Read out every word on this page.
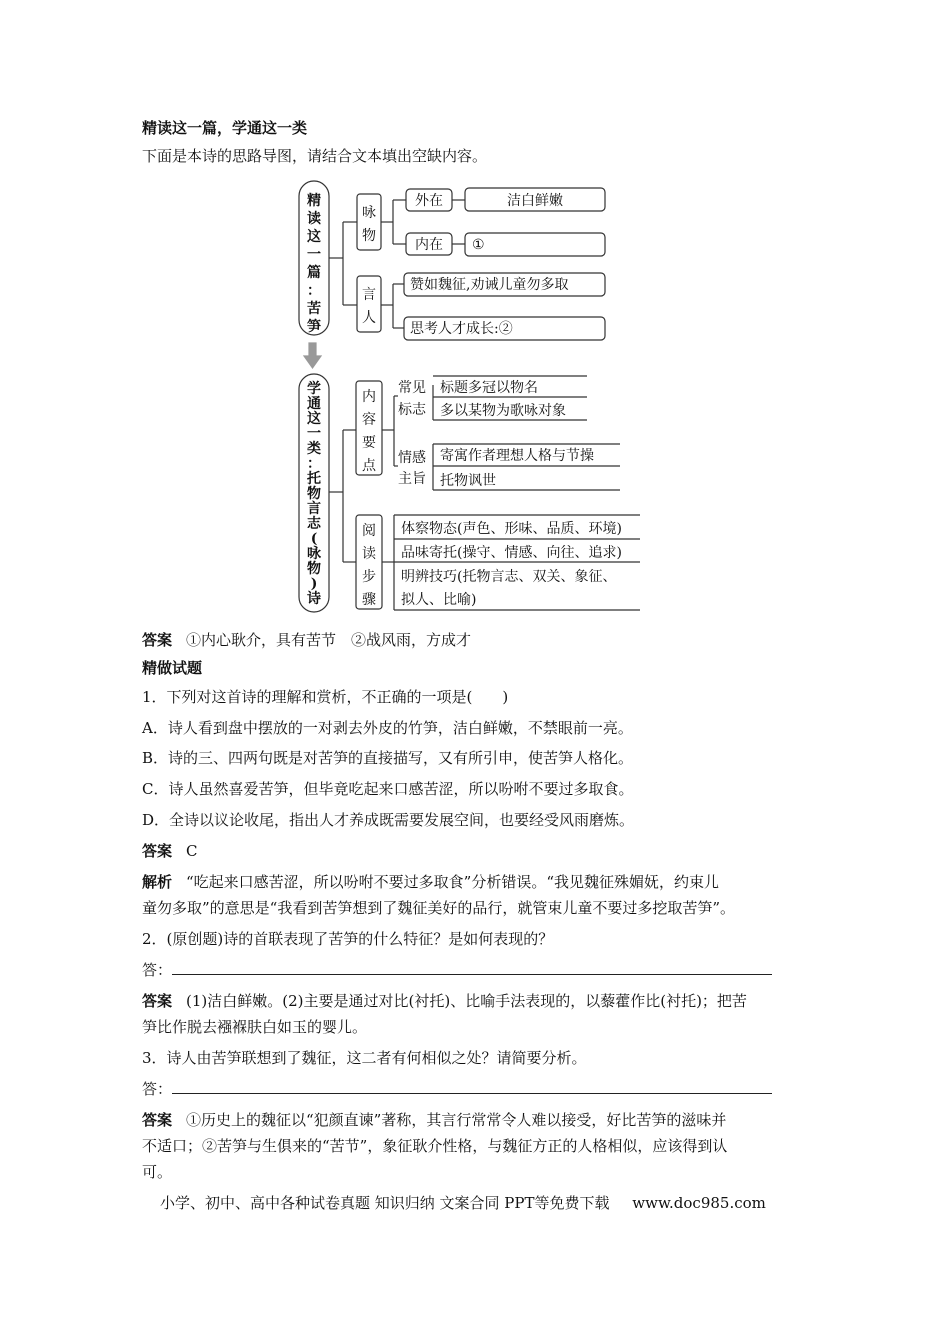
精读这一篇，学通这一类
下面是本诗的思路导图，请结合文本填出空缺内容。
精
读
这
一
篇
：
苦
笋
学
通
这
一
类
：
托
物
言
志
(
咏
物
)
诗
咏
物
言
人
内
容
要
点
阅
读
步
骤
外在
内在
洁白鲜嫩
①
赞如魏征,劝诫儿童勿多取
思考人才成长:②
常见
标志
标题多冠以物名
多以某物为歌咏对象
情感
主旨
寄寓作者理想人格与节操
托物讽世
体察物态(声色、形味、品质、环境)
品味寄托(操守、情感、向往、追求)
明辨技巧(托物言志、双关、象征、
拟人、比喻)
答案 ①内心耿介，具有苦节　②战风雨，方成才
精做试题
1．下列对这首诗的理解和赏析，不正确的一项是(　　)
A．诗人看到盘中摆放的一对剥去外皮的竹笋，洁白鲜嫩，不禁眼前一亮。
B．诗的三、四两句既是对苦笋的直接描写，又有所引申，使苦笋人格化。
C．诗人虽然喜爱苦笋，但毕竟吃起来口感苦涩，所以吩咐不要过多取食。
D．全诗以议论收尾，指出人才养成既需要发展空间，也要经受风雨磨炼。
答案 C
解析 “吃起来口感苦涩，所以吩咐不要过多取食”分析错误。“我见魏征殊媚妩，约束儿
童勿多取”的意思是“我看到苦笋想到了魏征美好的品行，就管束儿童不要过多挖取苦笋”。
2．(原创题)诗的首联表现了苦笋的什么特征？是如何表现的？
答：
答案 (1)洁白鲜嫩。(2)主要是通过对比(衬托)、比喻手法表现的，以藜藿作比(衬托)；把苦
笋比作脱去襁褓肤白如玉的婴儿。
3．诗人由苦笋联想到了魏征，这二者有何相似之处？请简要分析。
答：
答案 ①历史上的魏征以“犯颜直谏”著称，其言行常常令人难以接受，好比苦笋的滋味并
不适口；②苦笋与生俱来的“苦节”，象征耿介性格，与魏征方正的人格相似，应该得到认
可。
小学、初中、高中各种试卷真题 知识归纳 文案合同 PPT等免费下载 www.doc985.com
